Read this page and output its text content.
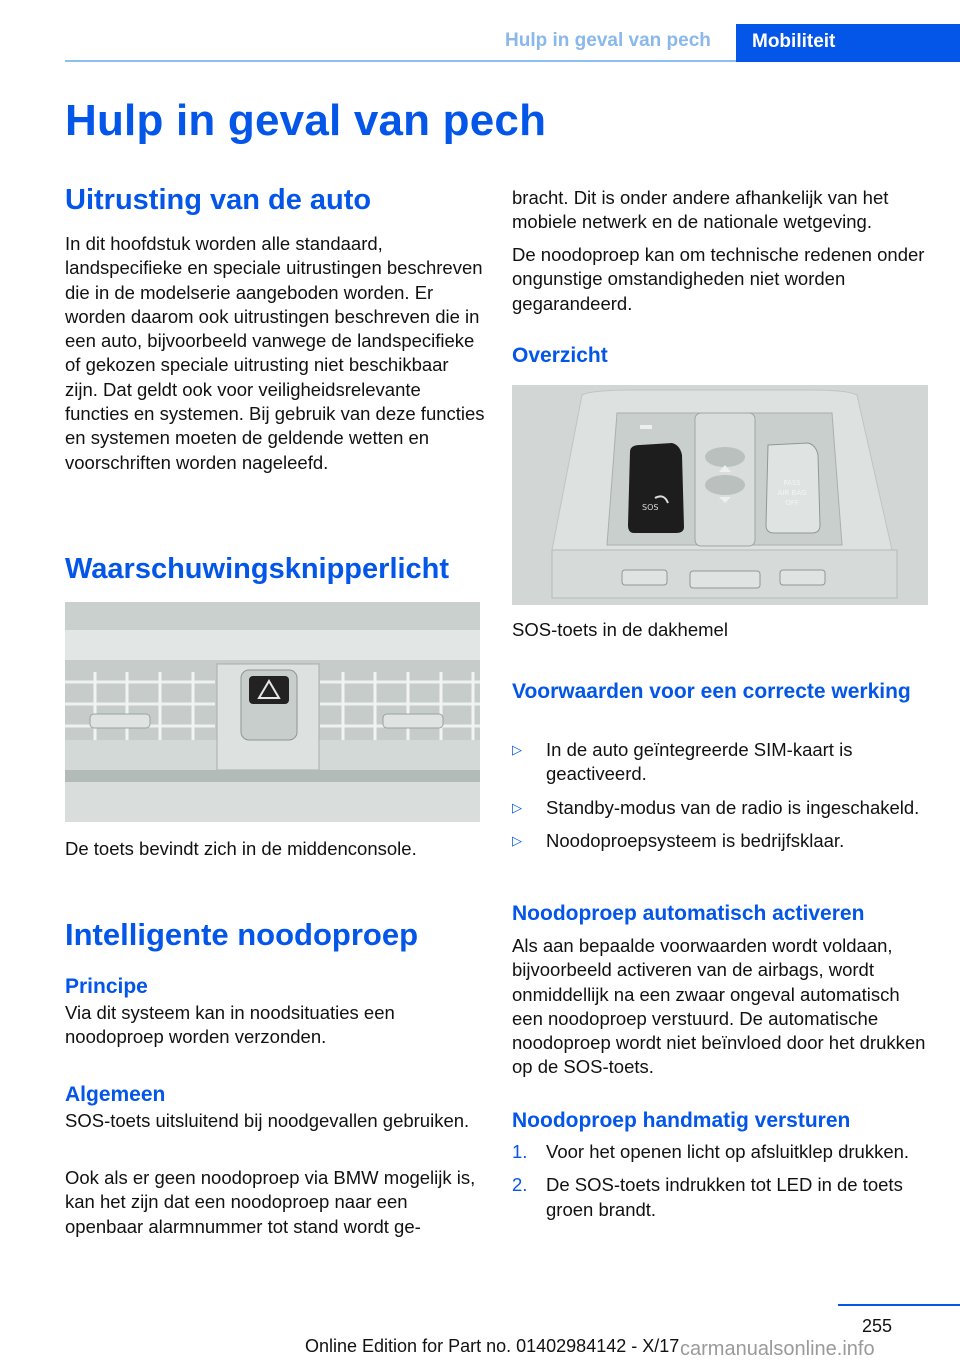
Hulp in geval van pech	Mobiliteit
Hulp in geval van pech
Uitrusting van de auto
In dit hoofdstuk worden alle standaard, landspecifieke en speciale uitrustingen beschreven die in de modelserie aangeboden worden. Er worden daarom ook uitrustingen beschreven die in een auto, bijvoorbeeld vanwege de landspecifieke of gekozen speciale uitrusting niet beschikbaar zijn. Dat geldt ook voor veiligheidsrelevante functies en systemen. Bij gebruik van deze functies en systemen moeten de geldende wetten en voorschriften worden nageleefd.
Waarschuwingsknipperlicht
De toets bevindt zich in de middenconsole.
Intelligente noodoproep
Principe
Via dit systeem kan in noodsituaties een noodoproep worden verzonden.
Algemeen
SOS-toets uitsluitend bij noodgevallen gebruiken.
Ook als er geen noodoproep via BMW mogelijk is, kan het zijn dat een noodoproep naar een openbaar alarmnummer tot stand wordt ge-
bracht. Dit is onder andere afhankelijk van het mobiele netwerk en de nationale wetgeving.
De noodoproep kan om technische redenen onder ongunstige omstandigheden niet worden gegarandeerd.
Overzicht
SOS
PASS
AIR BAG
OFF
SOS-toets in de dakhemel
Voorwaarden voor een correcte werking
▷ In de auto geïntegreerde SIM-kaart is geactiveerd.
▷ Standby-modus van de radio is ingeschakeld.
▷ Noodoproepsysteem is bedrijfsklaar.
Noodoproep automatisch activeren
Als aan bepaalde voorwaarden wordt voldaan, bijvoorbeeld activeren van de airbags, wordt onmiddellijk na een zwaar ongeval automatisch een noodoproep verstuurd. De automatische noodoproep wordt niet beïnvloed door het drukken op de SOS-toets.
Noodoproep handmatig versturen
1. Voor het openen licht op afsluitklep drukken.
2. De SOS-toets indrukken tot LED in de toets groen brandt.
255
Online Edition for Part no. 01402984142 - X/17 carmanualsonline.info
